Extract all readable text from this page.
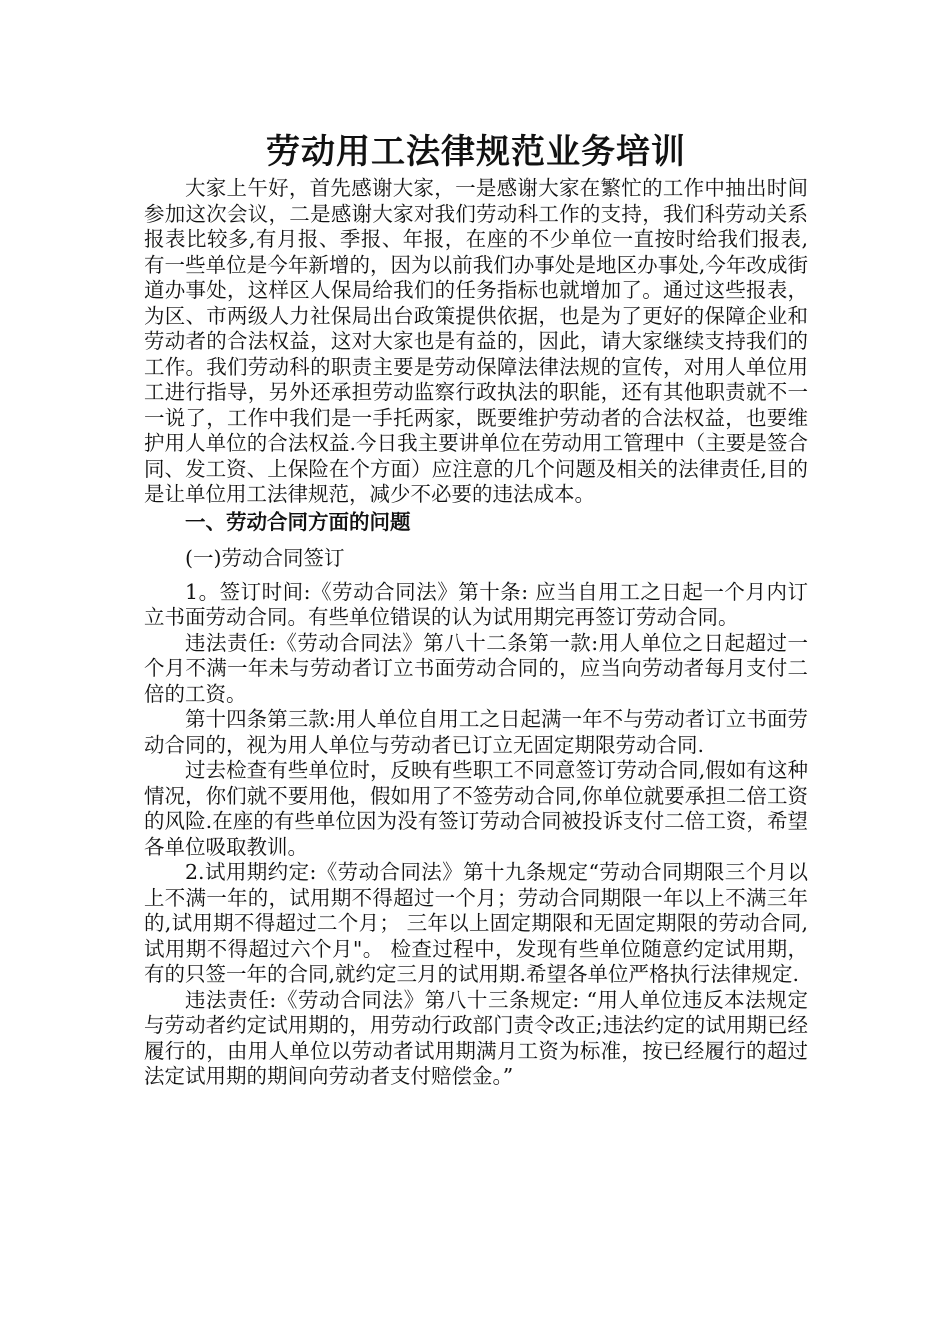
劳动用工法律规范业务培训

大家上午好，首先感谢大家，一是感谢大家在繁忙的工作中抽出时间参加这次会议，二是感谢大家对我们劳动科工作的支持，我们科劳动关系报表比较多,有月报、季报、年报，在座的不少单位一直按时给我们报表,有一些单位是今年新增的，因为以前我们办事处是地区办事处,今年改成街道办事处，这样区人保局给我们的任务指标也就增加了。通过这些报表，为区、市两级人力社保局出台政策提供依据，也是为了更好的保障企业和劳动者的合法权益，这对大家也是有益的，因此，请大家继续支持我们的工作。我们劳动科的职责主要是劳动保障法律法规的宣传，对用人单位用工进行指导，另外还承担劳动监察行政执法的职能，还有其他职责就不一一说了，工作中我们是一手托两家，既要维护劳动者的合法权益，也要维护用人单位的合法权益.今日我主要讲单位在劳动用工管理中（主要是签合同、发工资、上保险在个方面）应注意的几个问题及相关的法律责任,目的是让单位用工法律规范，减少不必要的违法成本。

一、劳动合同方面的问题

(一)劳动合同签订

1。签订时间:《劳动合同法》第十条: 应当自用工之日起一个月内订立书面劳动合同。有些单位错误的认为试用期完再签订劳动合同。

违法责任:《劳动合同法》第八十二条第一款:用人单位之日起超过一个月不满一年未与劳动者订立书面劳动合同的，应当向劳动者每月支付二倍的工资。

第十四条第三款:用人单位自用工之日起满一年不与劳动者订立书面劳动合同的，视为用人单位与劳动者已订立无固定期限劳动合同.

过去检查有些单位时，反映有些职工不同意签订劳动合同,假如有这种情况，你们就不要用他，假如用了不签劳动合同,你单位就要承担二倍工资的风险.在座的有些单位因为没有签订劳动合同被投诉支付二倍工资，希望各单位吸取教训。

2.试用期约定:《劳动合同法》第十九条规定“劳动合同期限三个月以上不满一年的，试用期不得超过一个月；劳动合同期限一年以上不满三年的,试用期不得超过二个月； 三年以上固定期限和无固定期限的劳动合同,试用期不得超过六个月"。 检查过程中，发现有些单位随意约定试用期，有的只签一年的合同,就约定三月的试用期.希望各单位严格执行法律规定.

违法责任:《劳动合同法》第八十三条规定: “用人单位违反本法规定与劳动者约定试用期的，用劳动行政部门责令改正;违法约定的试用期已经履行的，由用人单位以劳动者试用期满月工资为标准，按已经履行的超过法定试用期的期间向劳动者支付赔偿金。”
